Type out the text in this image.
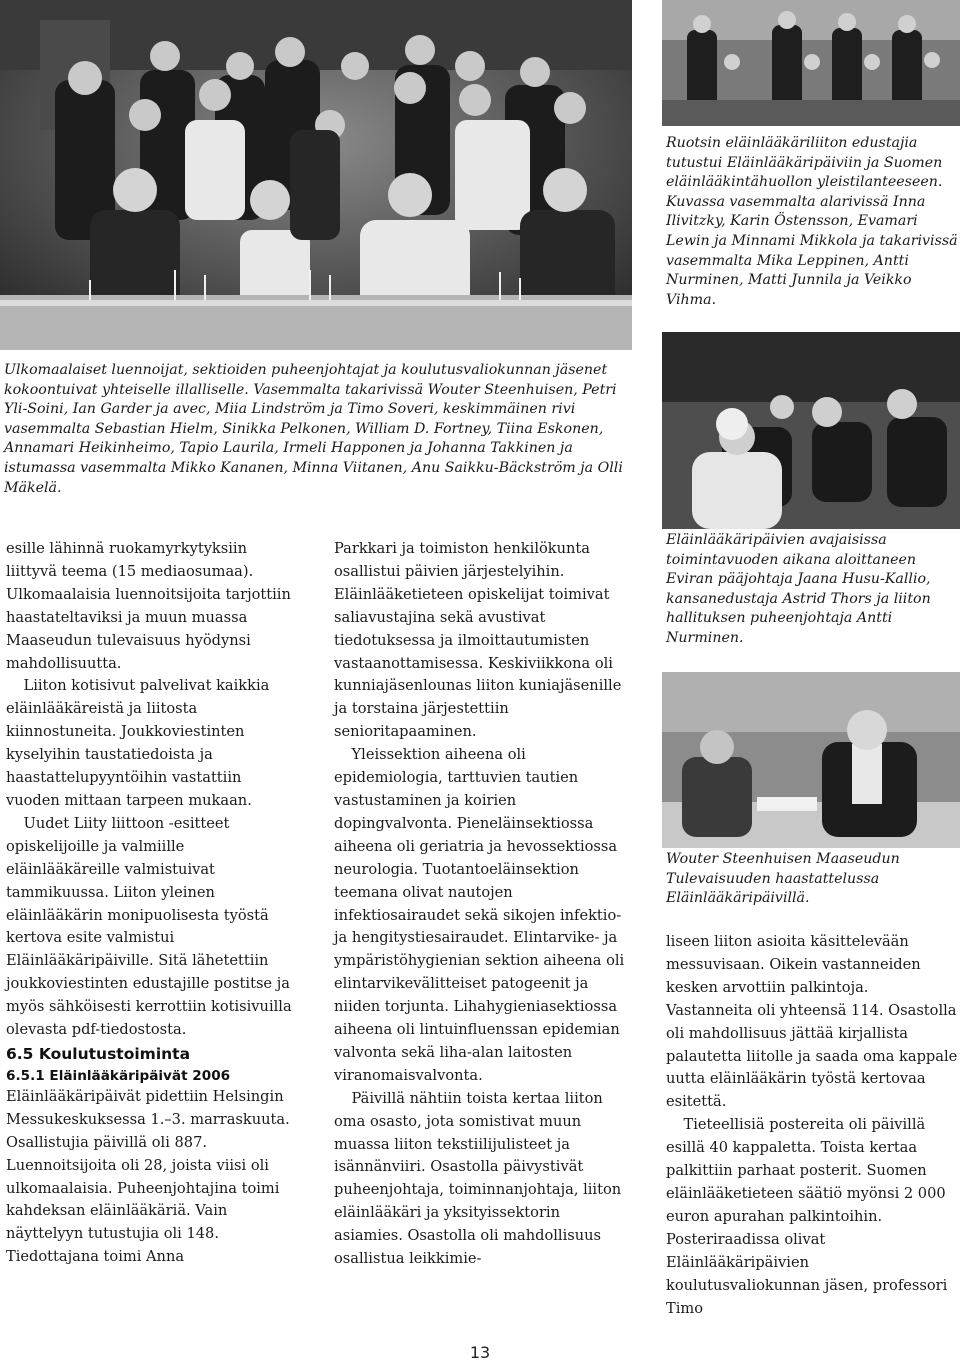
Ruotsin eläinlääkäriliiton edustajia tutustui Eläinlääkäripäiviin ja Suomen eläinlääkintähuollon yleistilanteeseen. Kuvassa vasemmalta alarivissä Inna Ilivitzky, Karin Östensson, Evamari Lewin ja Minnami Mikkola ja takarivissä vasemmalta Mika Leppinen, Antti Nurminen, Matti Junnila ja Veikko Vihma.

Ulkomaalaiset luennoijat, sektioiden puheenjohtajat ja koulutusvaliokunnan jäsenet kokoontuivat yhteiselle illalliselle. Vasemmalta takarivissä Wouter Steenhuisen, Petri Yli-Soini, Ian Garder ja avec, Miia Lindström ja Timo Soveri, keskimmäinen rivi vasemmalta Sebastian Hielm, Sinikka Pelkonen, William D. Fortney, Tiina Eskonen, Annamari Heikinheimo, Tapio Laurila, Irmeli Happonen ja Johanna Takkinen ja istumassa vasemmalta Mikko Kananen, Minna Viitanen, Anu Saikku-Bäckström ja Olli Mäkelä.

Eläinlääkäripäivien avajaisissa toimintavuoden aikana aloittaneen Eviran pääjohtaja Jaana Husu-Kallio, kansanedustaja Astrid Thors ja liiton hallituksen puheenjohtaja Antti Nurminen.

Wouter Steenhuisen Maaseudun Tulevaisuuden haastattelussa Eläinlääkäripäivillä.

esille lähinnä ruokamyrkytyksiin liittyvä teema (15 mediaosumaa). Ulkomaalaisia luennoitsijoita tarjottiin haastateltaviksi ja muun muassa Maaseudun tulevaisuus hyödynsi mahdollisuutta.

Liiton kotisivut palvelivat kaikkia eläinlääkäreistä ja liitosta kiinnostuneita. Joukkoviestinten kyselyihin taustatiedoista ja haastattelupyyntöihin vastattiin vuoden mittaan tarpeen mukaan.

Uudet Liity liittoon -esitteet opiskelijoille ja valmiille eläinlääkäreille valmistuivat tammikuussa. Liiton yleinen eläinlääkärin monipuolisesta työstä kertova esite valmistui Eläinlääkäripäiville. Sitä lähetettiin joukkoviestinten edustajille postitse ja myös sähköisesti kerrottiin kotisivuilla olevasta pdf-tiedostosta.

6.5 Koulutustoiminta

6.5.1 Eläinlääkäripäivät 2006

Eläinlääkäripäivät pidettiin Helsingin Messukeskuksessa 1.–3. marraskuuta. Osallistujia päivillä oli 887. Luennoitsijoita oli 28, joista viisi oli ulkomaalaisia. Puheenjohtajina toimi kahdeksan eläinlääkäriä. Vain näyttelyyn tutustujia oli 148. Tiedottajana toimi Anna

Parkkari ja toimiston henkilökunta osallistui päivien järjestelyihin. Eläinlääketieteen opiskelijat toimivat saliavustajina sekä avustivat tiedotuksessa ja ilmoittautumisten vastaanottamisessa. Keskiviikkona oli kunniajäsenlounas liiton kuniajäsenille ja torstaina järjestettiin senioritapaaminen.

Yleissektion aiheena oli epidemiologia, tarttuvien tautien vastustaminen ja koirien dopingvalvonta. Pieneläinsektiossa aiheena oli geriatria ja hevossektiossa neurologia. Tuotantoeläinsektion teemana olivat nautojen infektiosairaudet sekä sikojen infektio- ja hengitystiesairaudet. Elintarvike- ja ympäristöhygienian sektion aiheena oli elintarvikevälitteiset patogeenit ja niiden torjunta. Lihahygieniasektiossa aiheena oli lintuinfluenssan epidemian valvonta sekä liha-alan laitosten viranomaisvalvonta.

Päivillä nähtiin toista kertaa liiton oma osasto, jota somistivat muun muassa liiton tekstiilijulisteet ja isännänviiri. Osastolla päivystivät puheenjohtaja, toiminnanjohtaja, liiton eläinlääkäri ja yksityissektorin asiamies. Osastolla oli mahdollisuus osallistua leikkimie-

liseen liiton asioita käsittelevään messuvisaan. Oikein vastanneiden kesken arvottiin palkintoja. Vastanneita oli yhteensä 114. Osastolla oli mahdollisuus jättää kirjallista palautetta liitolle ja saada oma kappale uutta eläinlääkärin työstä kertovaa esitettä.

Tieteellisiä postereita oli päivillä esillä 40 kappaletta. Toista kertaa palkittiin parhaat posterit. Suomen eläinlääketieteen säätiö myönsi 2 000 euron apurahan palkintoihin. Posteriraadissa olivat Eläinlääkäripäivien koulutusvaliokunnan jäsen, professori Timo

13
